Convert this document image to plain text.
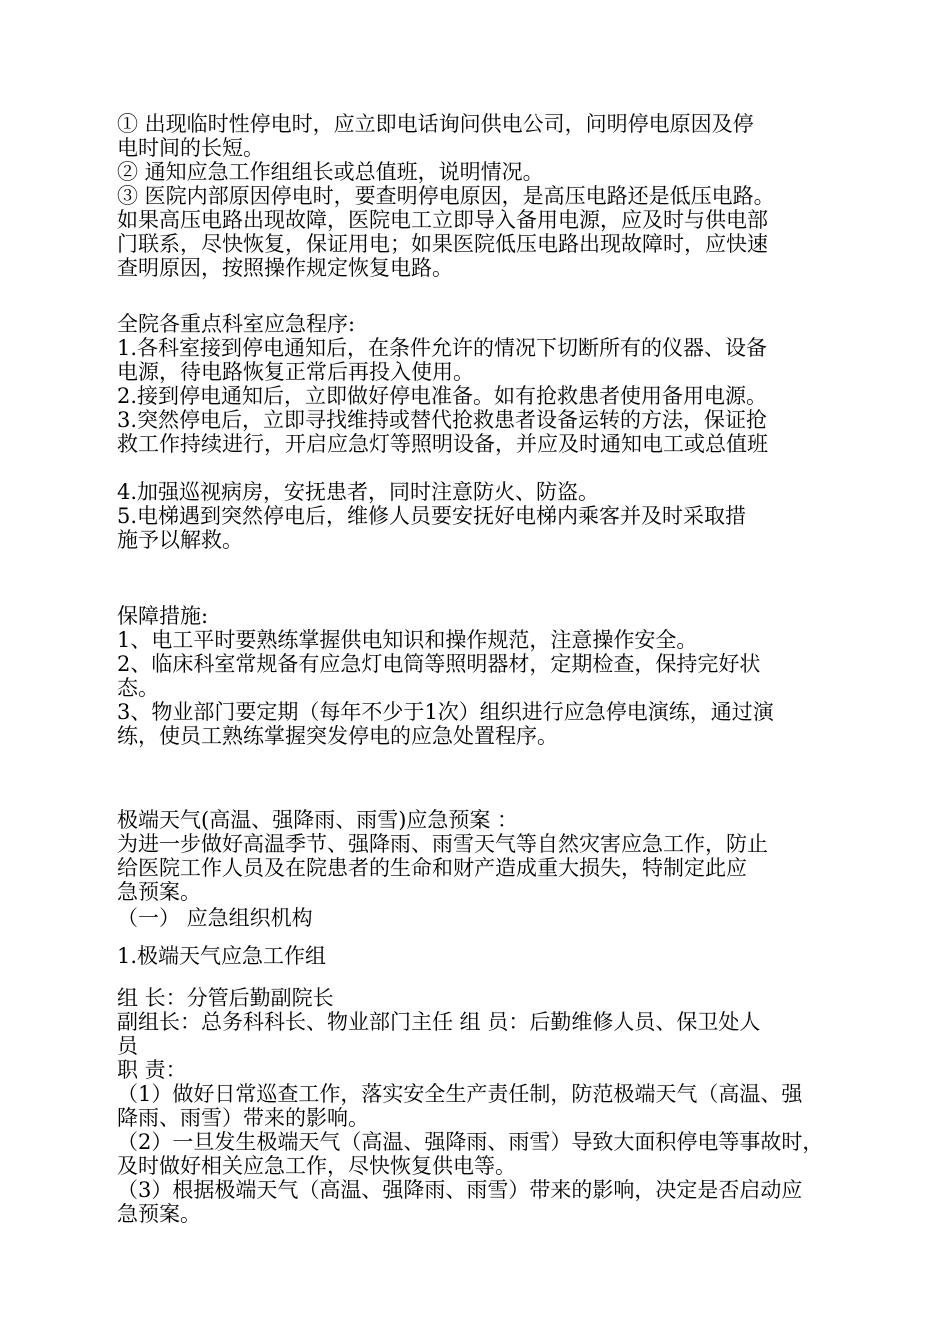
① 出现临时性停电时，应立即电话询问供电公司，问明停电原因及停
电时间的长短。
② 通知应急工作组组长或总值班，说明情况。
③ 医院内部原因停电时，要查明停电原因，是高压电路还是低压电路。
如果高压电路出现故障，医院电工立即导入备用电源，应及时与供电部
门联系，尽快恢复，保证用电；如果医院低压电路出现故障时，应快速
查明原因，按照操作规定恢复电路。
全院各重点科室应急程序:
1.各科室接到停电通知后，在条件允许的情况下切断所有的仪器、设备
电源，待电路恢复正常后再投入使用。
2.接到停电通知后，立即做好停电准备。如有抢救患者使用备用电源。
3.突然停电后，立即寻找维持或替代抢救患者设备运转的方法，保证抢
救工作持续进行，开启应急灯等照明设备，并应及时通知电工或总值班
4.加强巡视病房，安抚患者，同时注意防火、防盗。
5.电梯遇到突然停电后，维修人员要安抚好电梯内乘客并及时采取措
施予以解救。
保障措施:
1、电工平时要熟练掌握供电知识和操作规范，注意操作安全。
2、临床科室常规备有应急灯电筒等照明器材，定期检查，保持完好状
态。
3、物业部门要定期（每年不少于1次）组织进行应急停电演练，通过演
练，使员工熟练掌握突发停电的应急处置程序。
极端天气(高温、强降雨、雨雪)应急预案 ：
为进一步做好高温季节、强降雨、雨雪天气等自然灾害应急工作，防止
给医院工作人员及在院患者的生命和财产造成重大损失，特制定此应
急预案。
（一） 应急组织机构
1.极端天气应急工作组
组 长：分管后勤副院长
副组长：总务科科长、物业部门主任 组 员：后勤维修人员、保卫处人
员
职 责：
（1）做好日常巡查工作，落实安全生产责任制，防范极端天气（高温、强
降雨、雨雪）带来的影响。
（2）一旦发生极端天气（高温、强降雨、雨雪）导致大面积停电等事故时，
及时做好相关应急工作，尽快恢复供电等。
（3）根据极端天气（高温、强降雨、雨雪）带来的影响，决定是否启动应
急预案。
